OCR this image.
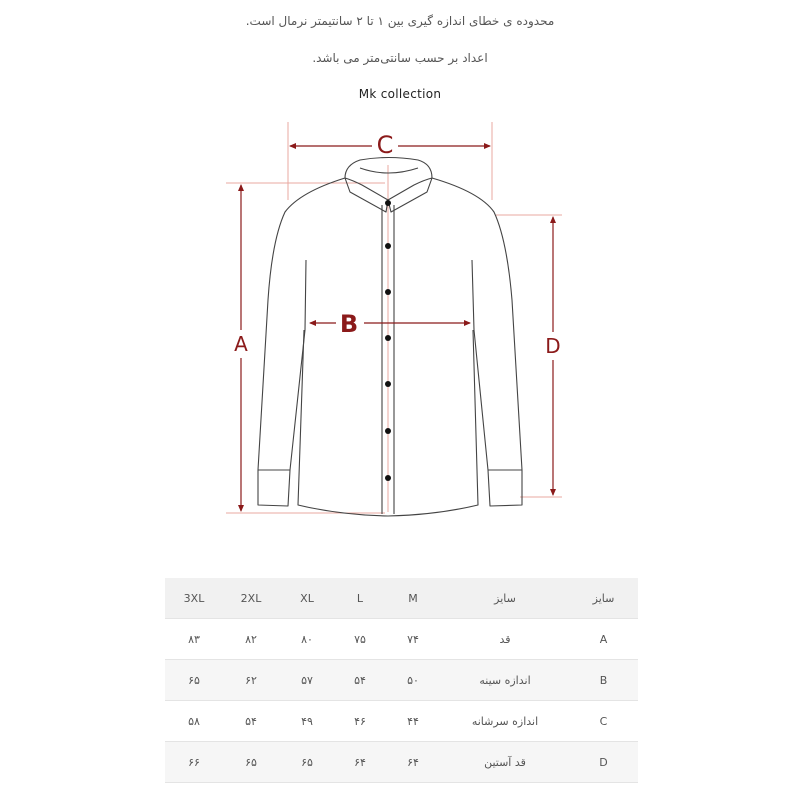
محدوده ی خطای اندازه گیری بین ۱ تا ۲ سانتیمتر نرمال است.
اعداد بر حسب سانتی‌متر می باشد.
Mk collection
A
B
C
D
3XL	2XL	XL	L	M	سایز	سایز
۸۳	۸۲	۸۰	۷۵	۷۴	قد	A
۶۵	۶۲	۵۷	۵۴	۵۰	اندازه سینه	B
۵۸	۵۴	۴۹	۴۶	۴۴	اندازه سرشانه	C
۶۶	۶۵	۶۵	۶۴	۶۴	قد آستین	D
